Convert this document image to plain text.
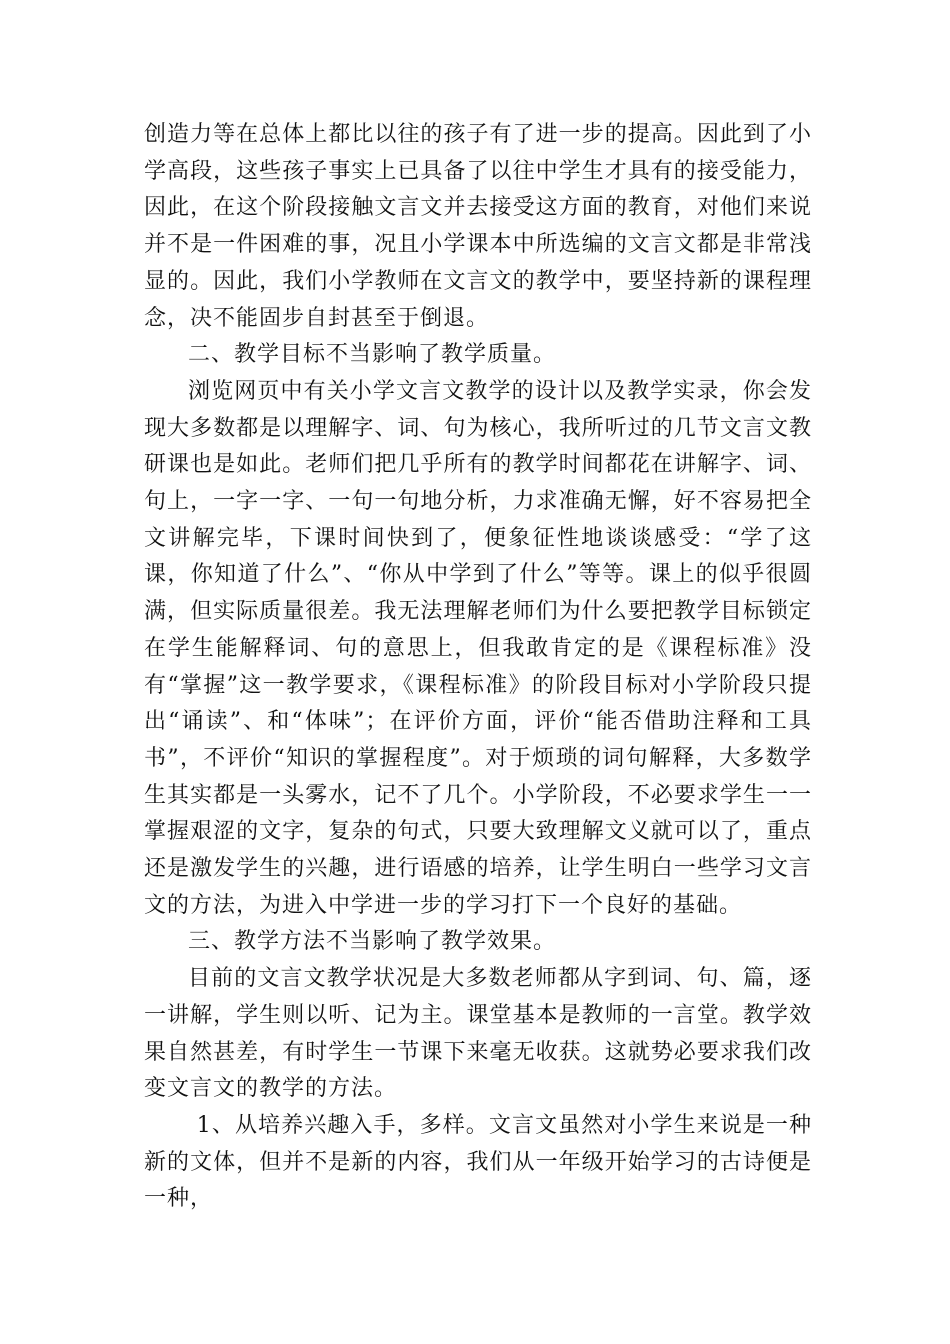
创造力等在总体上都比以往的孩子有了进一步的提高。因此到了小学高段，这些孩子事实上已具备了以往中学生才具有的接受能力，因此，在这个阶段接触文言文并去接受这方面的教育，对他们来说并不是一件困难的事，况且小学课本中所选编的文言文都是非常浅显的。因此，我们小学教师在文言文的教学中，要坚持新的课程理念，决不能固步自封甚至于倒退。

二、教学目标不当影响了教学质量。

浏览网页中有关小学文言文教学的设计以及教学实录，你会发现大多数都是以理解字、词、句为核心，我所听过的几节文言文教研课也是如此。老师们把几乎所有的教学时间都花在讲解字、词、句上，一字一字、一句一句地分析，力求准确无懈，好不容易把全文讲解完毕，下课时间快到了，便象征性地谈谈感受：“学了这课，你知道了什么”、“你从中学到了什么”等等。课上的似乎很圆满，但实际质量很差。我无法理解老师们为什么要把教学目标锁定在学生能解释词、句的意思上，但我敢肯定的是《课程标准》没有“掌握”这一教学要求，《课程标准》的阶段目标对小学阶段只提出“诵读”、和“体味”；在评价方面，评价“能否借助注释和工具书”，不评价“知识的掌握程度”。对于烦琐的词句解释，大多数学生其实都是一头雾水，记不了几个。小学阶段，不必要求学生一一掌握艰涩的文字，复杂的句式，只要大致理解文义就可以了，重点还是激发学生的兴趣，进行语感的培养，让学生明白一些学习文言文的方法，为进入中学进一步的学习打下一个良好的基础。

三、教学方法不当影响了教学效果。

目前的文言文教学状况是大多数老师都从字到词、句、篇，逐一讲解，学生则以听、记为主。课堂基本是教师的一言堂。教学效果自然甚差，有时学生一节课下来毫无收获。这就势必要求我们改变文言文的教学的方法。

1、从培养兴趣入手，多样。文言文虽然对小学生来说是一种新的文体，但并不是新的内容，我们从一年级开始学习的古诗便是一种，
